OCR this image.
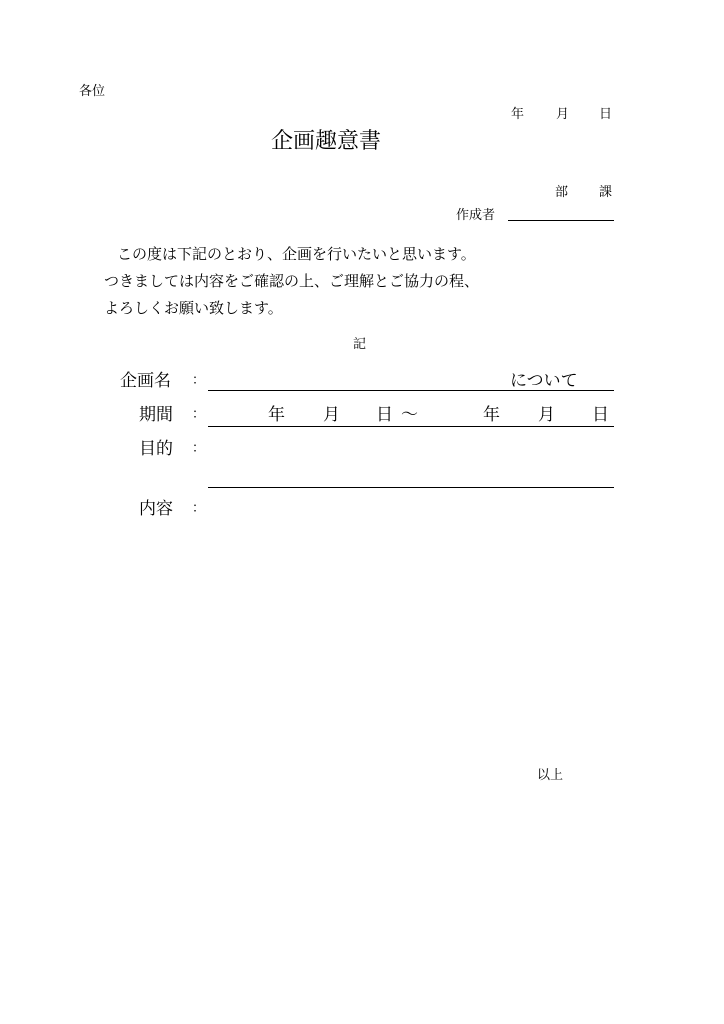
各位
年 月 日
企画趣意書
部 課
作成者
この度は下記のとおり、企画を行いたいと思います。
つきましては内容をご確認の上、ご理解とご協力の程、
よろしくお願い致します。
記
企画名 ：	について
期間 ：	年 月 日 ～	年 月 日
目的 ：
内容 ：
以上
